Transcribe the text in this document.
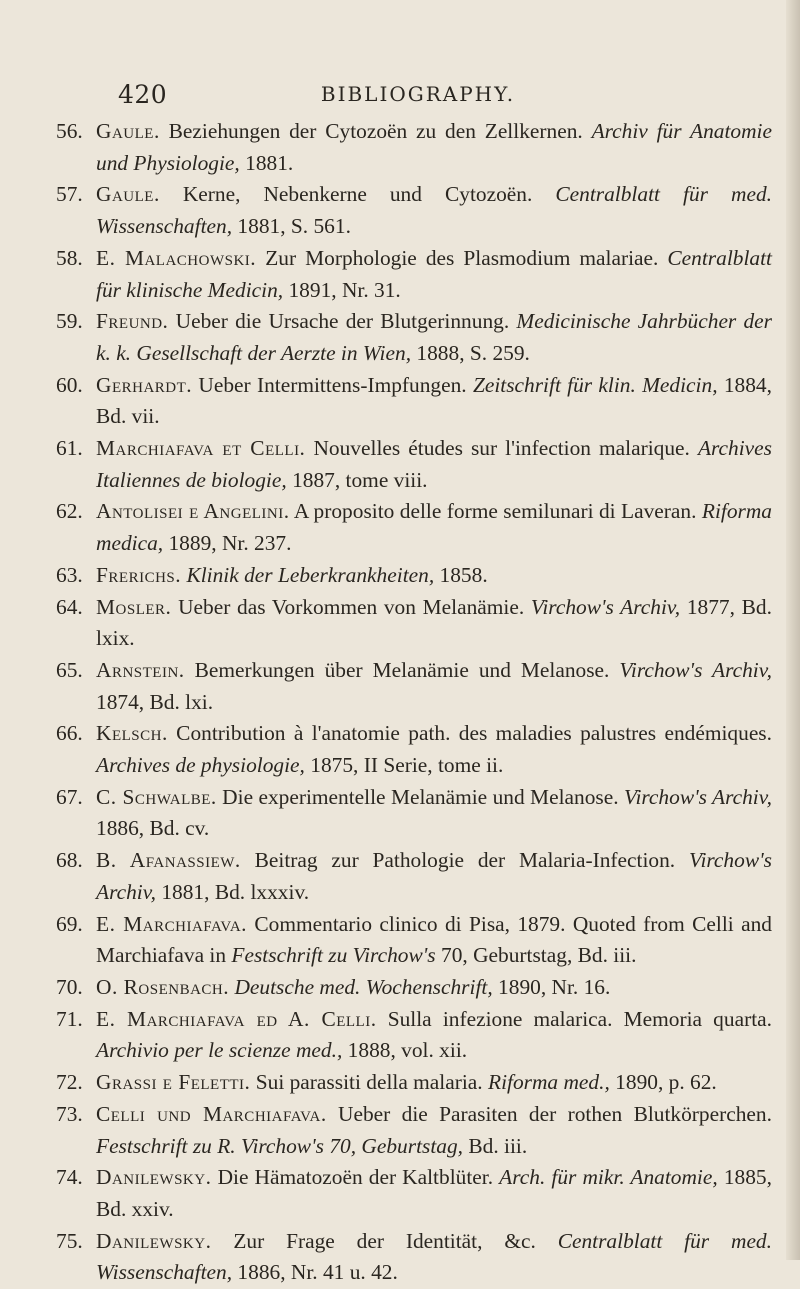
420	BIBLIOGRAPHY.
56. Gaule. Beziehungen der Cytozoën zu den Zellkernen. Archiv für Anatomie und Physiologie, 1881.
57. Gaule. Kerne, Nebenkerne und Cytozoën. Centralblatt für med. Wissenschaften, 1881, S. 561.
58. E. Malachowski. Zur Morphologie des Plasmodium malariae. Centralblatt für klinische Medicin, 1891, Nr. 31.
59. Freund. Ueber die Ursache der Blutgerinnung. Medicinische Jahrbücher der k. k. Gesellschaft der Aerzte in Wien, 1888, S. 259.
60. Gerhardt. Ueber Intermittens-Impfungen. Zeitschrift für klin. Medicin, 1884, Bd. vii.
61. Marchiafava et Celli. Nouvelles études sur l'infection malarique. Archives Italiennes de biologie, 1887, tome viii.
62. Antolisei e Angelini. A proposito delle forme semilunari di Laveran. Riforma medica, 1889, Nr. 237.
63. Frerichs. Klinik der Leberkrankheiten, 1858.
64. Mosler. Ueber das Vorkommen von Melanämie. Virchow's Archiv, 1877, Bd. lxix.
65. Arnstein. Bemerkungen über Melanämie und Melanose. Virchow's Archiv, 1874, Bd. lxi.
66. Kelsch. Contribution à l'anatomie path. des maladies palustres endémiques. Archives de physiologie, 1875, II Serie, tome ii.
67. C. Schwalbe. Die experimentelle Melanämie und Melanose. Virchow's Archiv, 1886, Bd. cv.
68. B. Afanassiew. Beitrag zur Pathologie der Malaria-Infection. Virchow's Archiv, 1881, Bd. lxxxiv.
69. E. Marchiafava. Commentario clinico di Pisa, 1879. Quoted from Celli and Marchiafava in Festschrift zu Virchow's 70, Geburtstag, Bd. iii.
70. O. Rosenbach. Deutsche med. Wochenschrift, 1890, Nr. 16.
71. E. Marchiafava ed A. Celli. Sulla infezione malarica. Memoria quarta. Archivio per le scienze med., 1888, vol. xii.
72. Grassi e Feletti. Sui parassiti della malaria. Riforma med., 1890, p. 62.
73. Celli und Marchiafava. Ueber die Parasiten der rothen Blutkörperchen. Festschrift zu R. Virchow's 70, Geburtstag, Bd. iii.
74. Danilewsky. Die Hämatozoën der Kaltblüter. Arch. für mikr. Anatomie, 1885, Bd. xxiv.
75. Danilewsky. Zur Frage der Identität, &c. Centralblatt für med. Wissenschaften, 1886, Nr. 41 u. 42.
